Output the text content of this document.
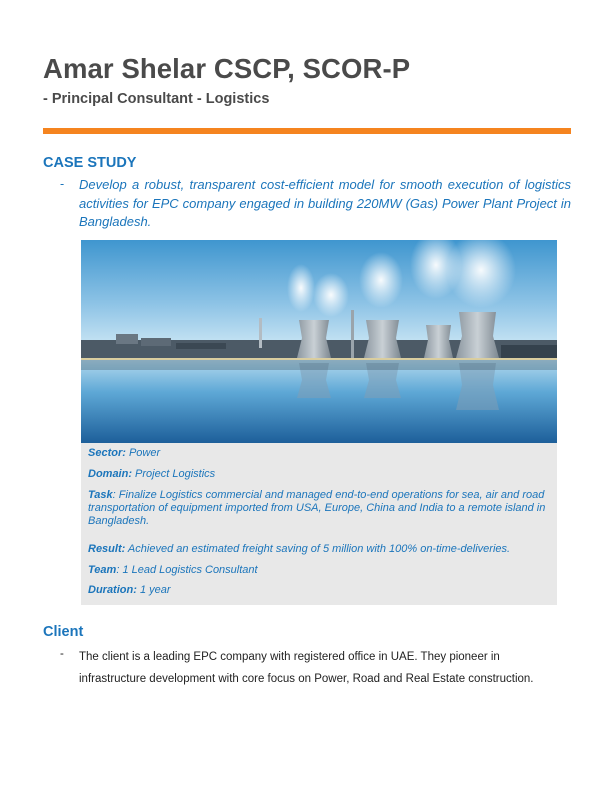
Amar Shelar CSCP, SCOR-P
- Principal Consultant - Logistics
CASE STUDY
- Develop a robust, transparent cost-efficient model for smooth execution of logistics activities for EPC company engaged in building 220MW (Gas) Power Plant Project in Bangladesh.

Sector: Power

Domain: Project Logistics

Task: Finalize Logistics commercial and managed end-to-end operations for sea, air and road transportation of equipment imported from USA, Europe, China and India to a remote island in Bangladesh.

Result: Achieved an estimated freight saving of 5 million with 100% on-time-deliveries.

Team: 1 Lead Logistics Consultant

Duration: 1 year

Client
- The client is a leading EPC company with registered office in UAE. They pioneer in infrastructure development with core focus on Power, Road and Real Estate construction.
